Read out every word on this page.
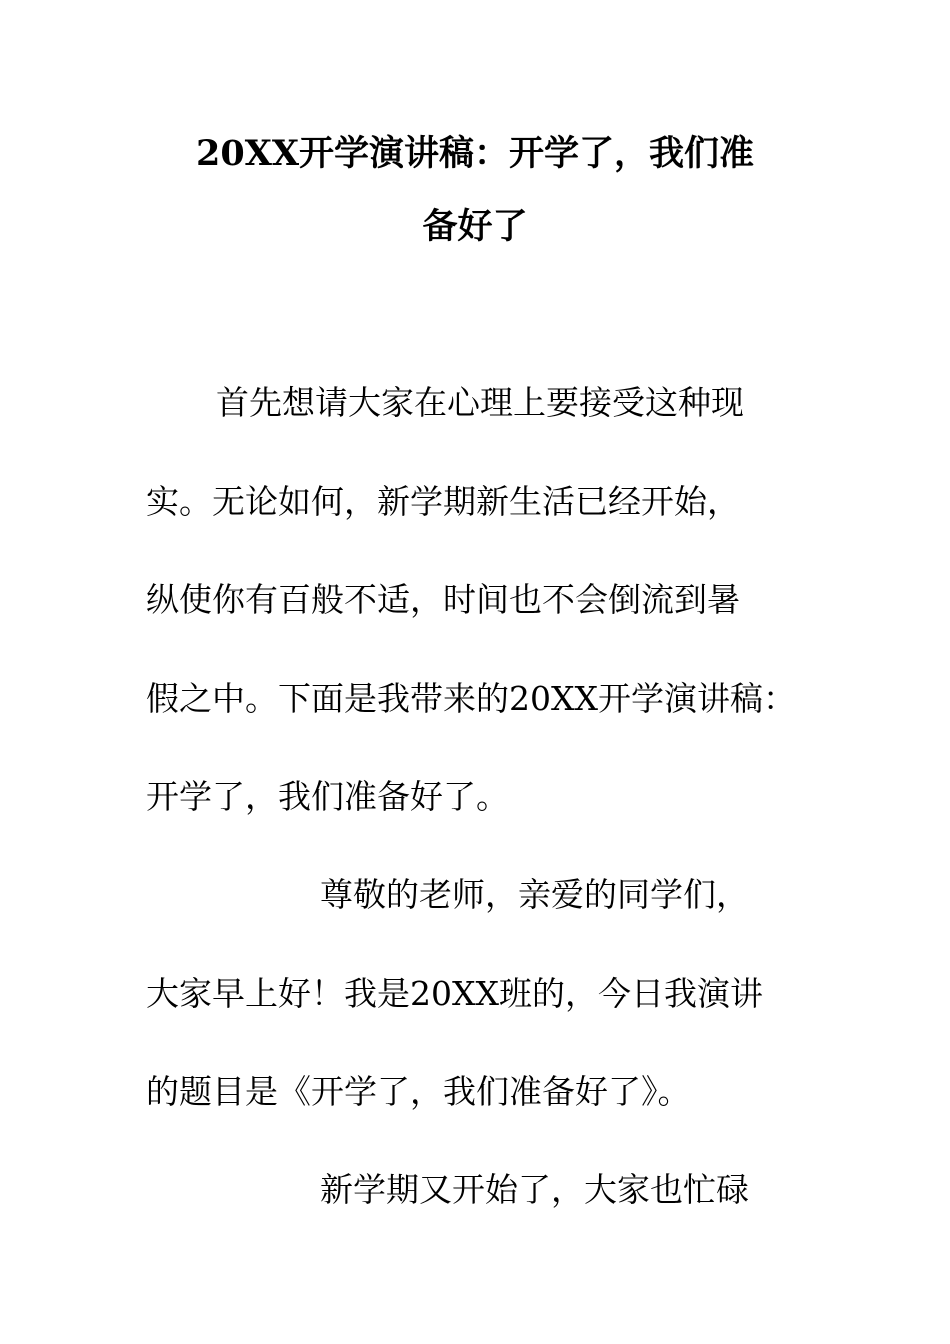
20XX开学演讲稿：开学了，我们准
备好了
首先想请大家在心理上要接受这种现
实。无论如何，新学期新生活已经开始，
纵使你有百般不适，时间也不会倒流到暑
假之中。下面是我带来的20XX开学演讲稿：
开学了，我们准备好了。
尊敬的老师，亲爱的同学们，
大家早上好！我是20XX班的，今日我演讲
的题目是《开学了，我们准备好了》。
新学期又开始了，大家也忙碌
